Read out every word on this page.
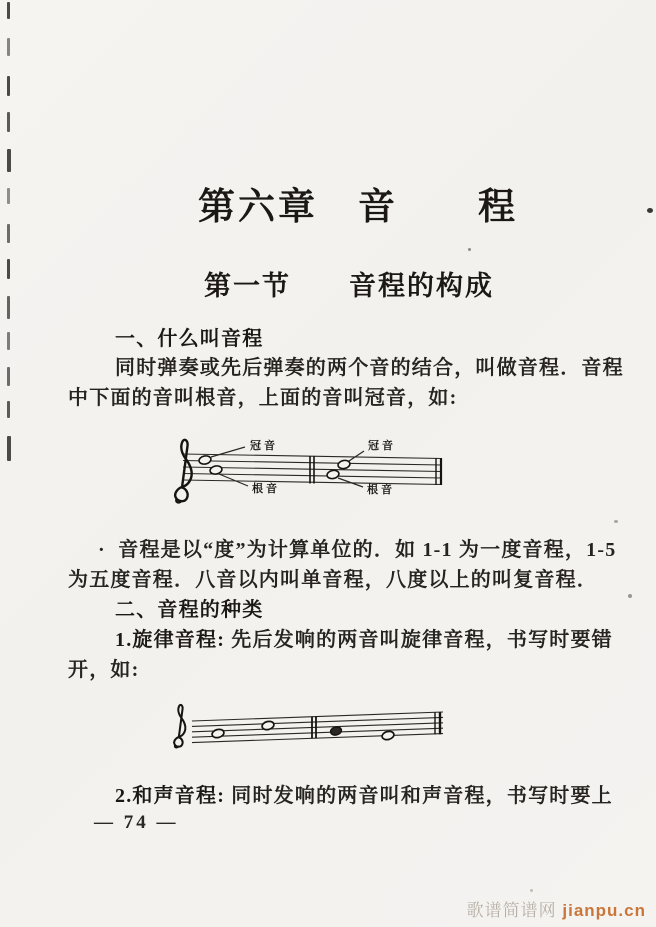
第六章　音　　程
第一节　　音程的构成
一、什么叫音程
同时弹奏或先后弹奏的两个音的结合，叫做音程．音程
中下面的音叫根音，上面的音叫冠音，如:
冠音
根音
冠音
根音
·  音程是以“度”为计算单位的．如 1-1 为一度音程，1-5
为五度音程．八音以内叫单音程，八度以上的叫复音程．
二、音程的种类
1.旋律音程: 先后发响的两音叫旋律音程，书写时要错
开，如:
2.和声音程: 同时发响的两音叫和声音程，书写时要上
— 74 —
歌谱简谱网 jianpu.cn
